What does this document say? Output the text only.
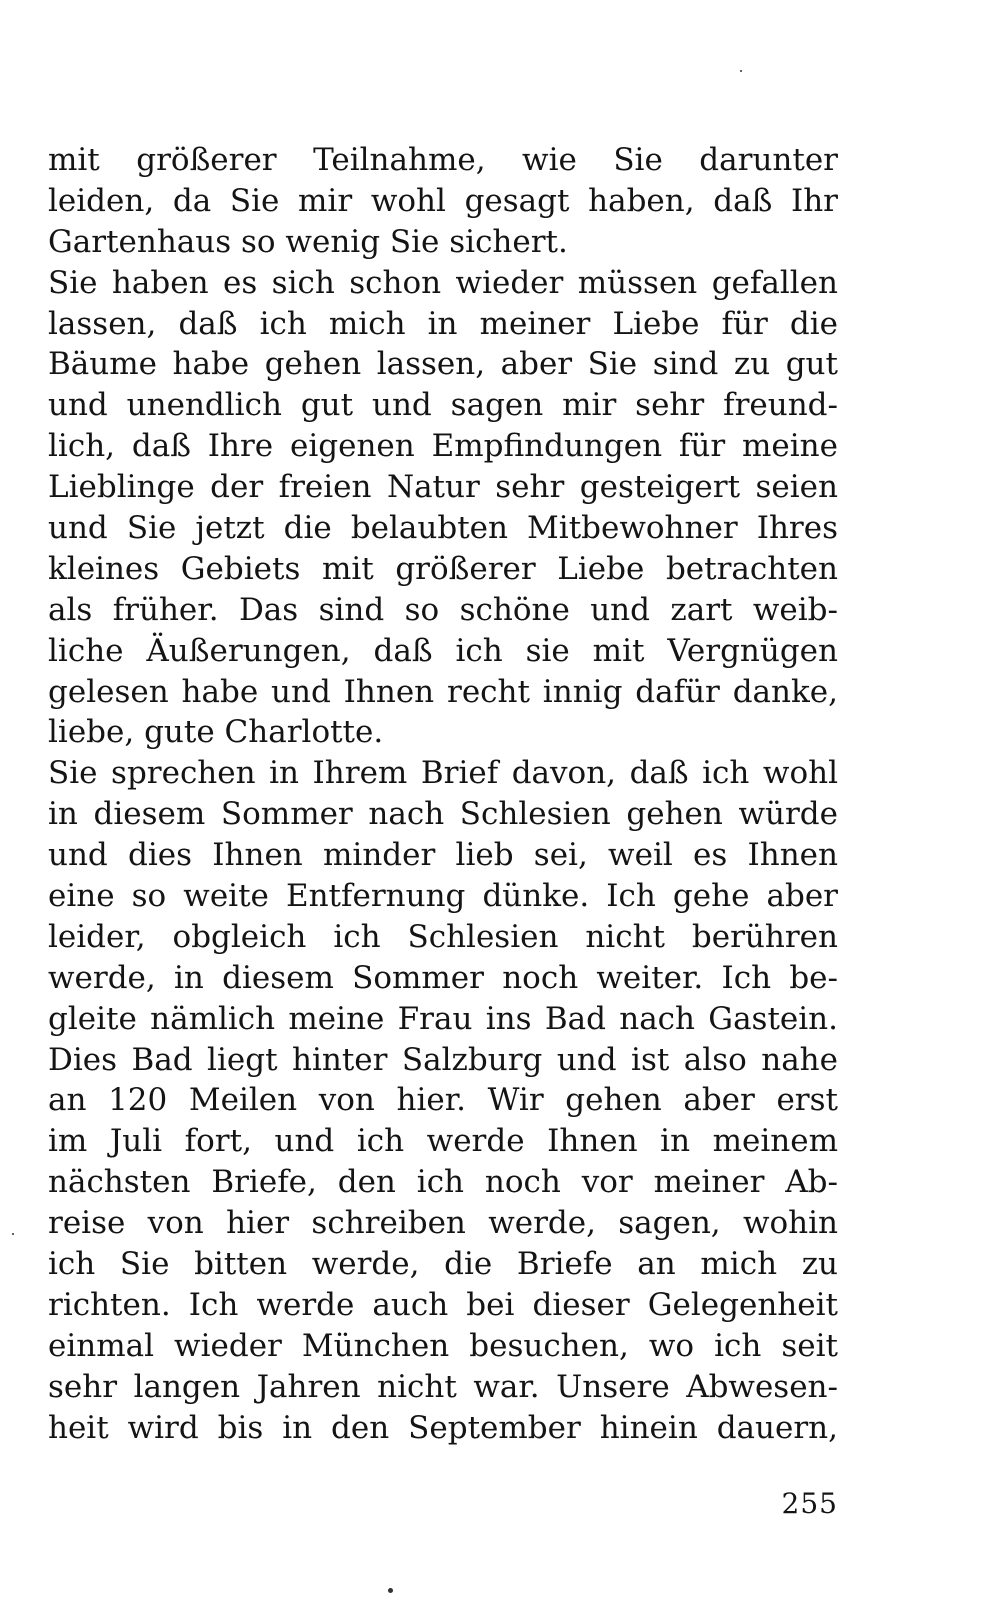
mit größerer Teilnahme, wie Sie darunter
leiden, da Sie mir wohl gesagt haben, daß Ihr
Gartenhaus so wenig Sie sichert.
Sie haben es sich schon wieder müssen gefallen
lassen, daß ich mich in meiner Liebe für die
Bäume habe gehen lassen, aber Sie sind zu gut
und unendlich gut und sagen mir sehr freund-
lich, daß Ihre eigenen Empfindungen für meine
Lieblinge der freien Natur sehr gesteigert seien
und Sie jetzt die belaubten Mitbewohner Ihres
kleines Gebiets mit größerer Liebe betrachten
als früher. Das sind so schöne und zart weib-
liche Äußerungen, daß ich sie mit Vergnügen
gelesen habe und Ihnen recht innig dafür danke,
liebe, gute Charlotte.
Sie sprechen in Ihrem Brief davon, daß ich wohl
in diesem Sommer nach Schlesien gehen würde
und dies Ihnen minder lieb sei, weil es Ihnen
eine so weite Entfernung dünke. Ich gehe aber
leider, obgleich ich Schlesien nicht berühren
werde, in diesem Sommer noch weiter. Ich be-
gleite nämlich meine Frau ins Bad nach Gastein.
Dies Bad liegt hinter Salzburg und ist also nahe
an 120 Meilen von hier. Wir gehen aber erst
im Juli fort, und ich werde Ihnen in meinem
nächsten Briefe, den ich noch vor meiner Ab-
reise von hier schreiben werde, sagen, wohin
ich Sie bitten werde, die Briefe an mich zu
richten. Ich werde auch bei dieser Gelegenheit
einmal wieder München besuchen, wo ich seit
sehr langen Jahren nicht war. Unsere Abwesen-
heit wird bis in den September hinein dauern,
255
